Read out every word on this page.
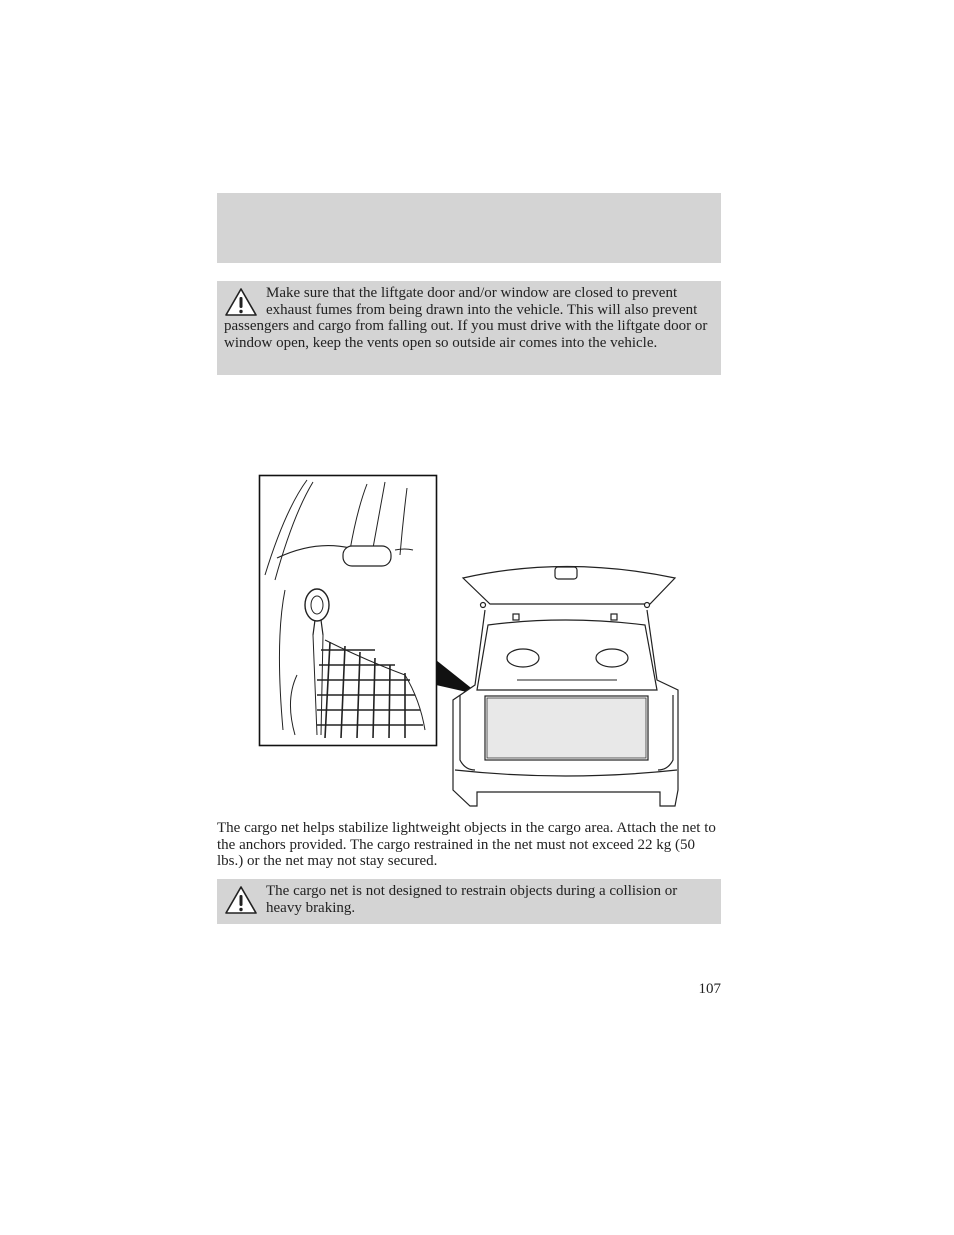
Make sure that the liftgate door and/or window are closed to prevent exhaust fumes from being drawn into the vehicle. This will also prevent passengers and cargo from falling out. If you must drive with the liftgate door or window open, keep the vents open so outside air comes into the vehicle.
The cargo net helps stabilize lightweight objects in the cargo area. Attach the net to the anchors provided. The cargo restrained in the net must not exceed 22 kg (50 lbs.) or the net may not stay secured.
The cargo net is not designed to restrain objects during a collision or heavy braking.
107
